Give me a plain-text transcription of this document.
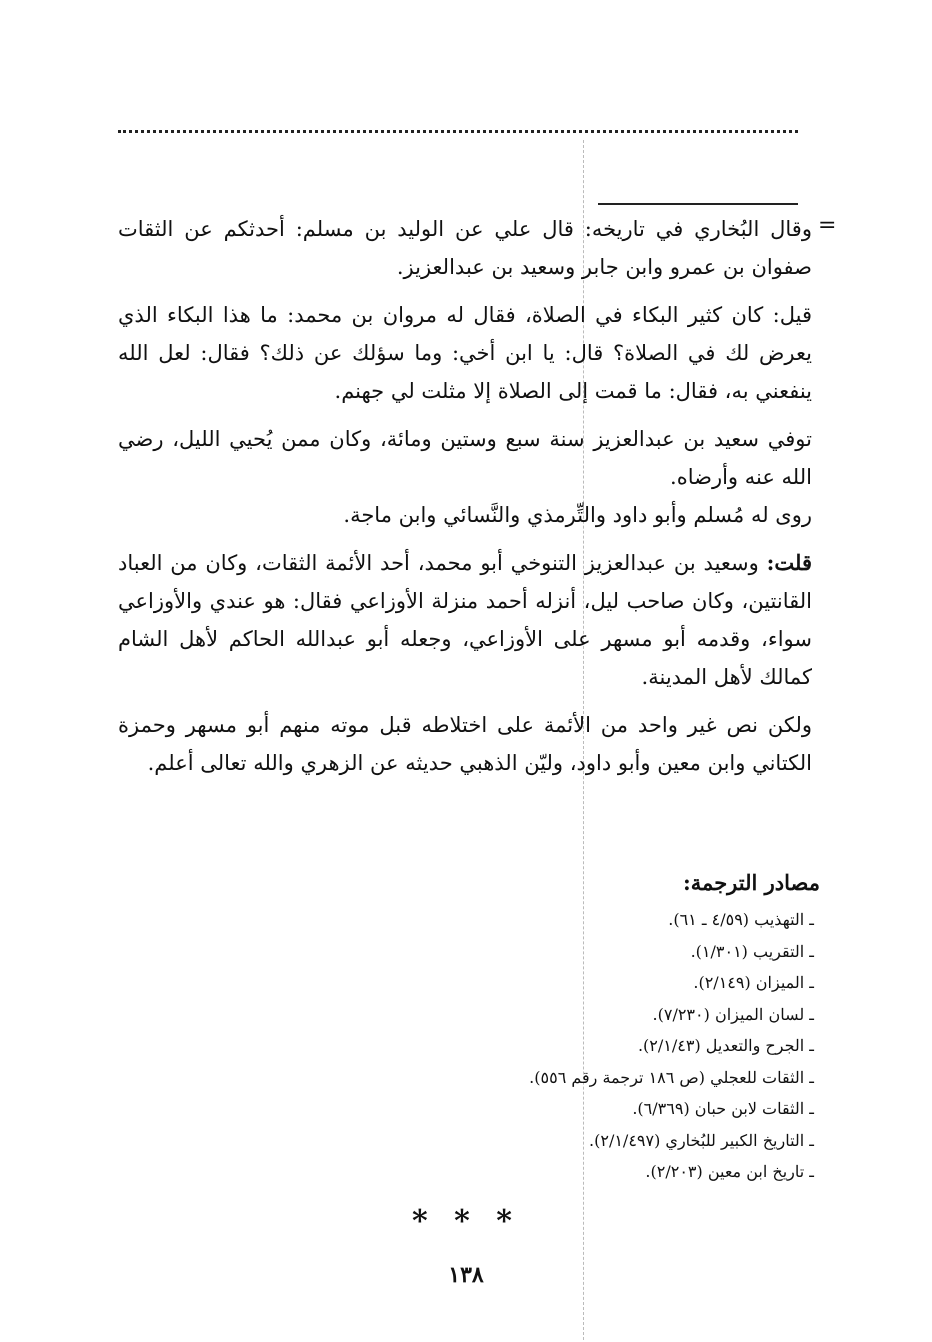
=

وقال البُخاري في تاريخه: قال علي عن الوليد بن مسلم: أحدثكم عن الثقات صفوان بن عمرو وابن جابر وسعيد بن عبدالعزيز.

قيل: كان كثير البكاء في الصلاة، فقال له مروان بن محمد: ما هذا البكاء الذي يعرض لك في الصلاة؟ قال: يا ابن أخي: وما سؤلك عن ذلك؟ فقال: لعل الله ينفعني به، فقال: ما قمت إلى الصلاة إلا مثلت لي جهنم.

توفي سعيد بن عبدالعزيز سنة سبع وستين ومائة، وكان ممن يُحيي الليل، رضي الله عنه وأرضاه.

روى له مُسلم وأبو داود والتِّرمذي والنَّسائي وابن ماجة.

قلت: وسعيد بن عبدالعزيز التنوخي أبو محمد، أحد الأئمة الثقات، وكان من العباد القانتين، وكان صاحب ليل، أنزله أحمد منزلة الأوزاعي فقال: هو عندي والأوزاعي سواء، وقدمه أبو مسهر على الأوزاعي، وجعله أبو عبدالله الحاكم لأهل الشام كمالك لأهل المدينة.

ولكن نص غير واحد من الأئمة على اختلاطه قبل موته منهم أبو مسهر وحمزة الكتاني وابن معين وأبو داود، وليّن الذهبي حديثه عن الزهري والله تعالى أعلم.

مصادر الترجمة:
ـ التهذيب (٤/٥٩ ـ ٦١).
ـ التقريب (١/٣٠١).
ـ الميزان (٢/١٤٩).
ـ لسان الميزان (٧/٢٣٠).
ـ الجرح والتعديل (٢/١/٤٣).
ـ الثقات للعجلي (ص ١٨٦ ترجمة رقم ٥٥٦).
ـ الثقات لابن حبان (٦/٣٦٩).
ـ التاريخ الكبير للبُخاري (٢/١/٤٩٧).
ـ تاريخ ابن معين (٢/٢٠٣).
* * *
١٣٨
